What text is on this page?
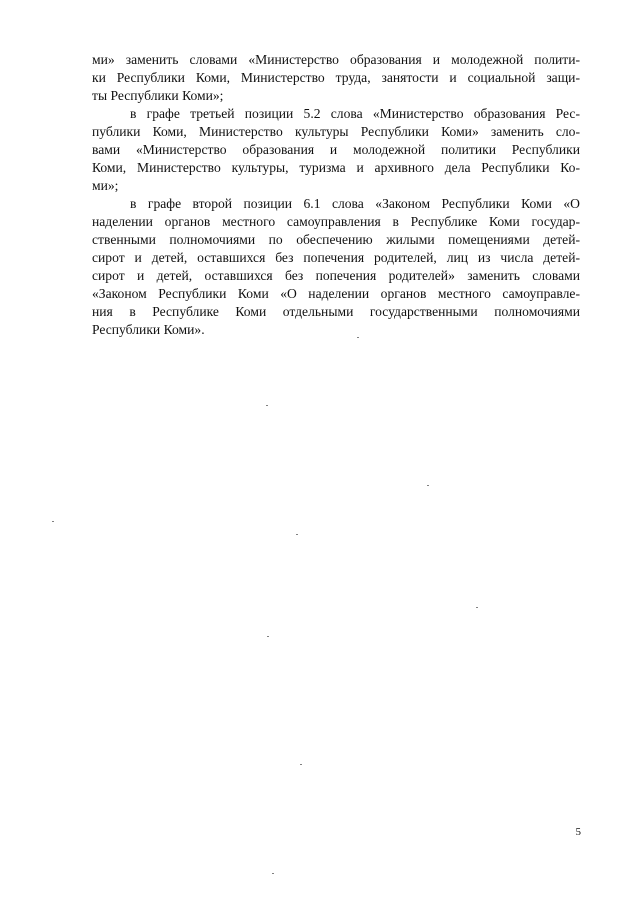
ми» заменить словами «Министерство образования и молодежной полити-
ки Республики Коми, Министерство труда, занятости и социальной защи-
ты Республики Коми»;
в графе третьей позиции 5.2 слова «Министерство образования Рес-
публики Коми, Министерство культуры Республики Коми» заменить сло-
вами «Министерство образования и молодежной политики Республики
Коми, Министерство культуры, туризма и архивного дела Республики Ко-
ми»;
в графе второй позиции 6.1 слова «Законом Республики Коми «О
наделении органов местного самоуправления в Республике Коми государ-
ственными полномочиями по обеспечению жилыми помещениями детей-
сирот и детей, оставшихся без попечения родителей, лиц из числа детей-
сирот и детей, оставшихся без попечения родителей» заменить словами
«Законом Республики Коми «О наделении органов местного самоуправле-
ния в Республике Коми отдельными государственными полномочиями
Республики Коми».
5
